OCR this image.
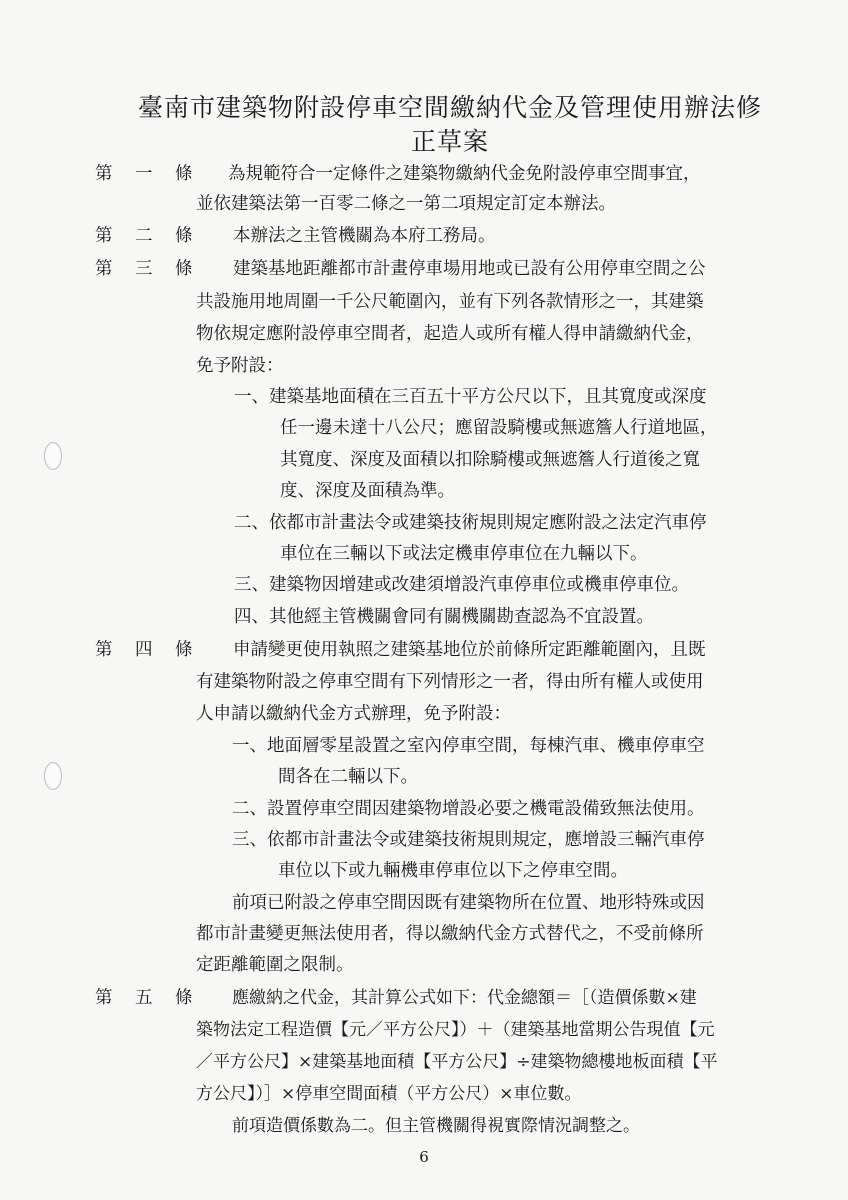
臺南市建築物附設停車空間繳納代金及管理使用辦法修
正草案
第 一 條	為規範符合一定條件之建築物繳納代金免附設停車空間事宜，
並依建築法第一百零二條之一第二項規定訂定本辦法。
第 二 條	本辦法之主管機關為本府工務局。
第 三 條	建築基地距離都市計畫停車場用地或已設有公用停車空間之公
共設施用地周圍一千公尺範圍內，並有下列各款情形之一，其建築
物依規定應附設停車空間者，起造人或所有權人得申請繳納代金，
免予附設：
一、建築基地面積在三百五十平方公尺以下，且其寬度或深度
任一邊未達十八公尺；應留設騎樓或無遮簷人行道地區，
其寬度、深度及面積以扣除騎樓或無遮簷人行道後之寬
度、深度及面積為準。
二、依都市計畫法令或建築技術規則規定應附設之法定汽車停
車位在三輛以下或法定機車停車位在九輛以下。
三、建築物因增建或改建須增設汽車停車位或機車停車位。
四、其他經主管機關會同有關機關勘查認為不宜設置。
第 四 條	申請變更使用執照之建築基地位於前條所定距離範圍內，且既
有建築物附設之停車空間有下列情形之一者，得由所有權人或使用
人申請以繳納代金方式辦理，免予附設：
一、地面層零星設置之室內停車空間，每棟汽車、機車停車空
間各在二輛以下。
二、設置停車空間因建築物增設必要之機電設備致無法使用。
三、依都市計畫法令或建築技術規則規定，應增設三輛汽車停
車位以下或九輛機車停車位以下之停車空間。
前項已附設之停車空間因既有建築物所在位置、地形特殊或因
都市計畫變更無法使用者，得以繳納代金方式替代之，不受前條所
定距離範圍之限制。
第 五 條	應繳納之代金，其計算公式如下：代金總額＝［（造價係數×建
築物法定工程造價【元／平方公尺】）＋（建築基地當期公告現值【元
／平方公尺】×建築基地面積【平方公尺】÷建築物總樓地板面積【平
方公尺】）］×停車空間面積（平方公尺）×車位數。
前項造價係數為二。但主管機關得視實際情況調整之。
6
